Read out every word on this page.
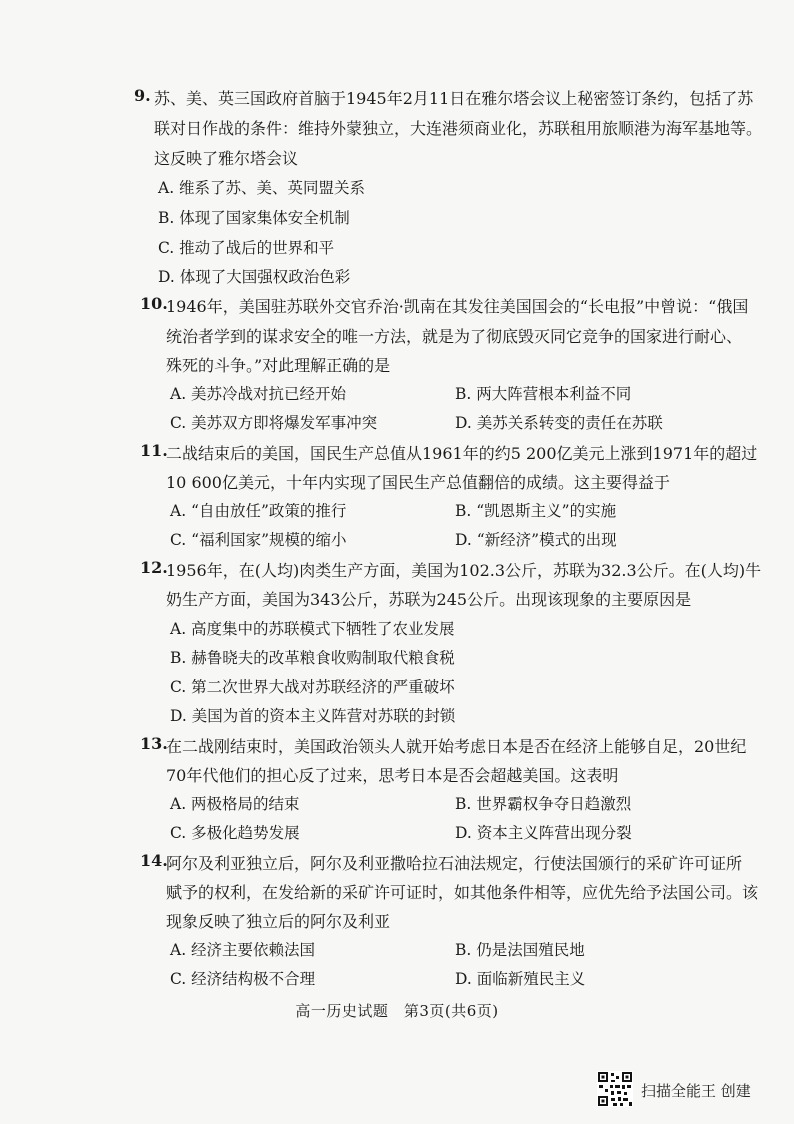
9. 苏、美、英三国政府首脑于1945年2月11日在雅尔塔会议上秘密签订条约，包括了苏
联对日作战的条件：维持外蒙独立，大连港须商业化，苏联租用旅顺港为海军基地等。
这反映了雅尔塔会议
A. 维系了苏、美、英同盟关系
B. 体现了国家集体安全机制
C. 推动了战后的世界和平
D. 体现了大国强权政治色彩
10.
1946年，美国驻苏联外交官乔治·凯南在其发往美国国会的“长电报”中曾说：“俄国
统治者学到的谋求安全的唯一方法，就是为了彻底毁灭同它竞争的国家进行耐心、
殊死的斗争。”对此理解正确的是
A. 美苏冷战对抗已经开始	B. 两大阵营根本利益不同
C. 美苏双方即将爆发军事冲突	D. 美苏关系转变的责任在苏联
11.
二战结束后的美国，国民生产总值从1961年的约5 200亿美元上涨到1971年的超过
10 600亿美元，十年内实现了国民生产总值翻倍的成绩。这主要得益于
A. “自由放任”政策的推行	B. “凯恩斯主义”的实施
C. “福利国家”规模的缩小	D. “新经济”模式的出现
12.
1956年，在(人均)肉类生产方面，美国为102.3公斤，苏联为32.3公斤。在(人均)牛
奶生产方面，美国为343公斤，苏联为245公斤。出现该现象的主要原因是
A. 高度集中的苏联模式下牺牲了农业发展
B. 赫鲁晓夫的改革粮食收购制取代粮食税
C. 第二次世界大战对苏联经济的严重破坏
D. 美国为首的资本主义阵营对苏联的封锁
13.
在二战刚结束时，美国政治领头人就开始考虑日本是否在经济上能够自足，20世纪
70年代他们的担心反了过来，思考日本是否会超越美国。这表明
A. 两极格局的结束	B. 世界霸权争夺日趋激烈
C. 多极化趋势发展	D. 资本主义阵营出现分裂
14.
阿尔及利亚独立后，阿尔及利亚撒哈拉石油法规定，行使法国颁行的采矿许可证所
赋予的权利，在发给新的采矿许可证时，如其他条件相等，应优先给予法国公司。该
现象反映了独立后的阿尔及利亚
A. 经济主要依赖法国	B. 仍是法国殖民地
C. 经济结构极不合理	D. 面临新殖民主义
高一历史试题　第3页(共6页)
扫描全能王 创建
